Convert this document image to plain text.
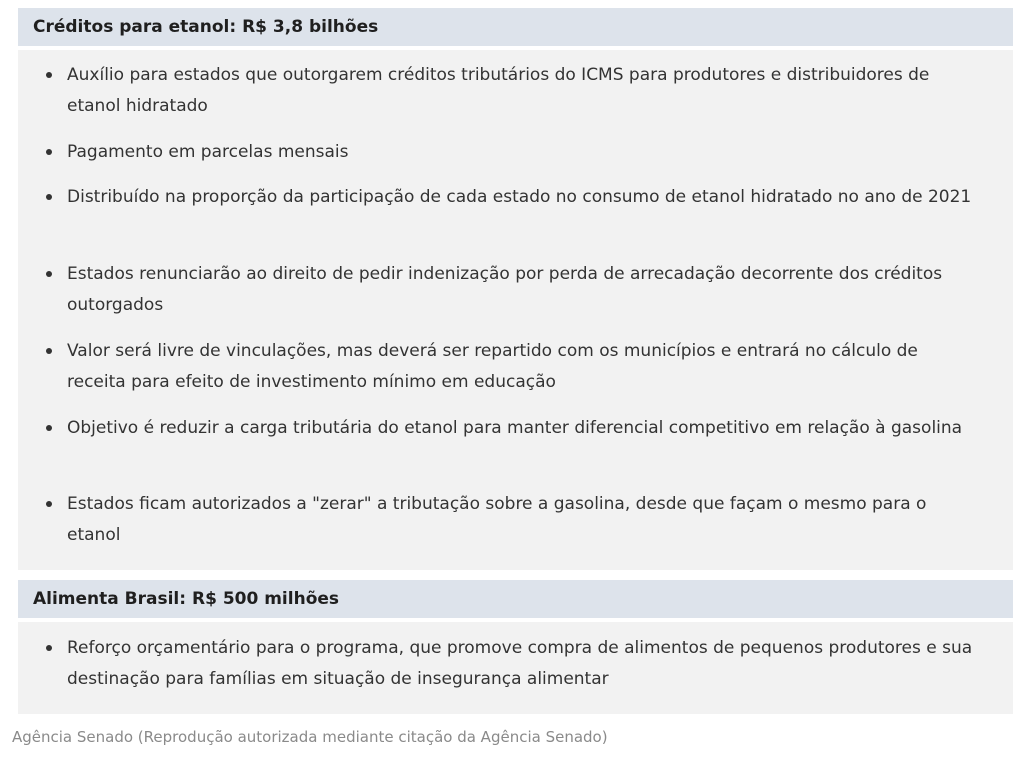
Créditos para etanol: R$ 3,8 bilhões
Auxílio para estados que outorgarem créditos tributários do ICMS para produtores e distribuidores de etanol hidratado
Pagamento em parcelas mensais
Distribuído na proporção da participação de cada estado no consumo de etanol hidratado no ano de 2021
Estados renunciarão ao direito de pedir indenização por perda de arrecadação decorrente dos créditos outorgados
Valor será livre de vinculações, mas deverá ser repartido com os municípios e entrará no cálculo de receita para efeito de investimento mínimo em educação
Objetivo é reduzir a carga tributária do etanol para manter diferencial competitivo em relação à gasolina
Estados ficam autorizados a "zerar" a tributação sobre a gasolina, desde que façam o mesmo para o etanol
Alimenta Brasil: R$ 500 milhões
Reforço orçamentário para o programa, que promove compra de alimentos de pequenos produtores e sua destinação para famílias em situação de insegurança alimentar
Agência Senado (Reprodução autorizada mediante citação da Agência Senado)
